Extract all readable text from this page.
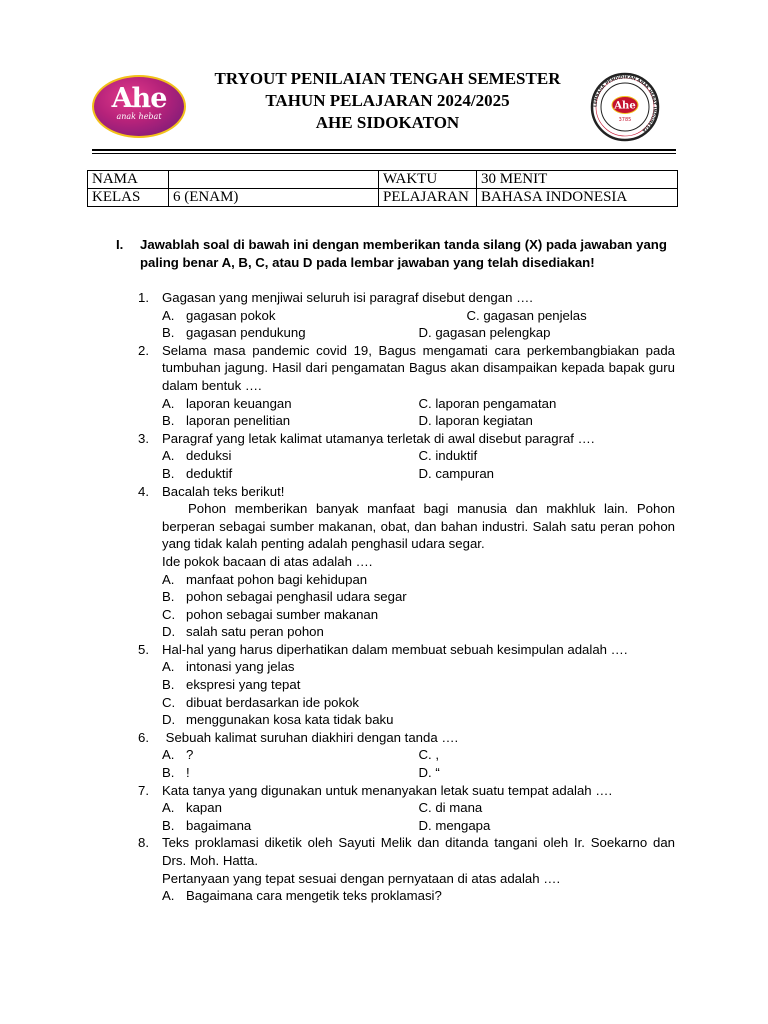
Ahe
anak hebat
TRYOUT PENILAIAN TENGAH SEMESTER
TAHUN PELAJARAN 2024/2025
AHE SIDOKATON
LEMBAGA PENDIDIKAN ANAK HEBAT INDONESIA
Ahe
3785
NAMA		WAKTU	30 MENIT
KELAS	6 (ENAM)	PELAJARAN	BAHASA INDONESIA
I. Jawablah soal di bawah ini dengan memberikan tanda silang (X) pada jawaban yang paling benar A, B, C, atau D pada lembar jawaban yang telah disediakan!
1. Gagasan yang menjiwai seluruh isi paragraf disebut dengan ….
A. gagasan pokok	C. gagasan penjelas
B. gagasan pendukung	D. gagasan pelengkap
2. Selama masa pandemic covid 19, Bagus mengamati cara perkembangbiakan pada tumbuhan jagung. Hasil dari pengamatan Bagus akan disampaikan kepada bapak guru dalam bentuk ….
A. laporan keuangan	C. laporan pengamatan
B. laporan penelitian	D. laporan kegiatan
3. Paragraf yang letak kalimat utamanya terletak di awal disebut paragraf ….
A. deduksi	C. induktif
B. deduktif	D. campuran
4. Bacalah teks berikut!
Pohon memberikan banyak manfaat bagi manusia dan makhluk lain. Pohon berperan sebagai sumber makanan, obat, dan bahan industri. Salah satu peran pohon yang tidak kalah penting adalah penghasil udara segar.
Ide pokok bacaan di atas adalah ….
A. manfaat pohon bagi kehidupan
B. pohon sebagai penghasil udara segar
C. pohon sebagai sumber makanan
D. salah satu peran pohon
5. Hal-hal yang harus diperhatikan dalam membuat sebuah kesimpulan adalah ….
A. intonasi yang jelas
B. ekspresi yang tepat
C. dibuat berdasarkan ide pokok
D. menggunakan kosa kata tidak baku
6. Sebuah kalimat suruhan diakhiri dengan tanda ….
A. ?	C. ,
B. !	D. “
7. Kata tanya yang digunakan untuk menanyakan letak suatu tempat adalah ….
A. kapan	C. di mana
B. bagaimana	D. mengapa
8. Teks proklamasi diketik oleh Sayuti Melik dan ditanda tangani oleh Ir. Soekarno dan Drs. Moh. Hatta.
Pertanyaan yang tepat sesuai dengan pernyataan di atas adalah ….
A. Bagaimana cara mengetik teks proklamasi?
